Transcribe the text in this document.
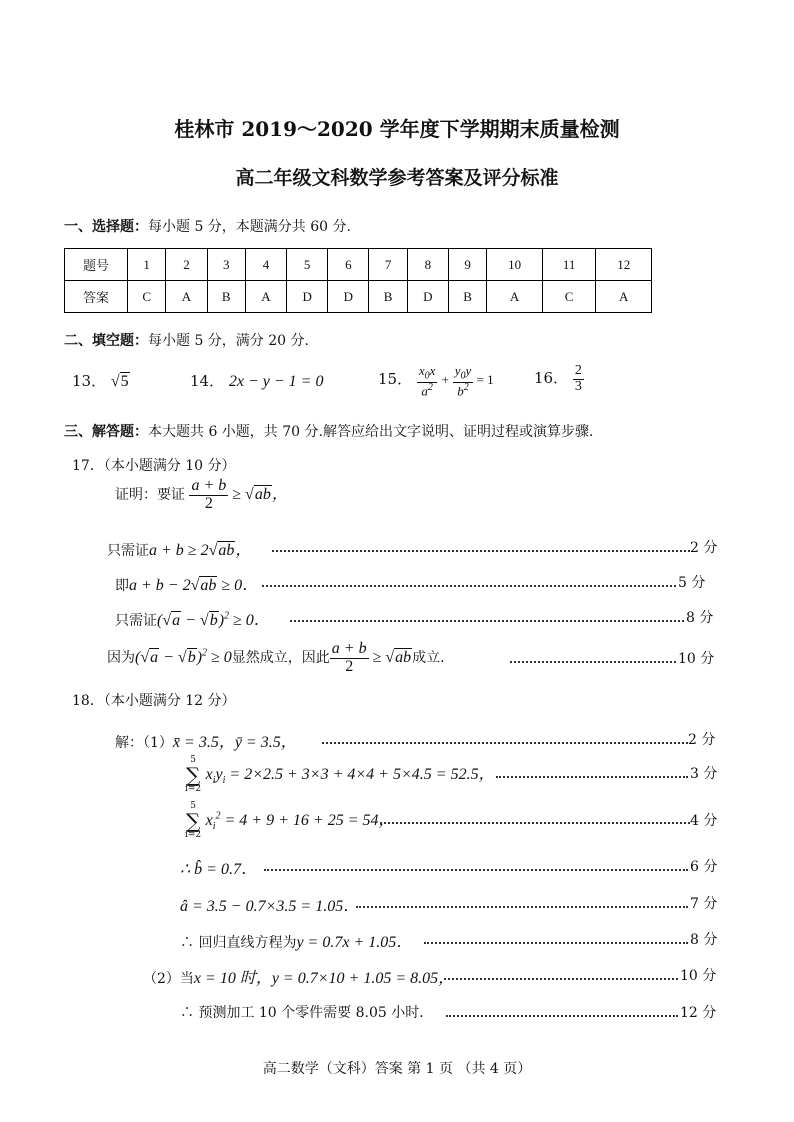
桂林市 2019～2020 学年度下学期期末质量检测
高二年级文科数学参考答案及评分标准
一、选择题：每小题 5 分，本题满分共 60 分.
题号	1	2	3	4	5	6	7	8	9	10	11	12
答案	C	A	B	A	D	D	B	D	B	A	C	A
二、填空题：每小题 5 分，满分 20 分.
13． √5	14． 2x − y − 1 = 0	15． $\frac{x_0x}{a^2} + \frac{y_0y}{b^2} = 1$	16． $\frac{2}{3}$
三、解答题：本大题共 6 小题，共 70 分.解答应给出文字说明、证明过程或演算步骤.
17．（本小题满分 10 分）
证明：要证 $\frac{a + b}{2} \ge √ab$，
只需证a + b ≥ 2√ab，	2 分
即a + b − 2√ab ≥ 0．	5 分
只需证$(√a - √b)^2 \ge 0$．	8 分
因为$(√a - √b)^2 \ge 0$显然成立，因此 $\frac{a + b}{2} \ge √ab$成立.	10 分
18．（本小题满分 12 分）
解：（1）x̄ = 3.5，ȳ = 3.5，	2 分
5
∑
i=2
$x_iy_i = 2\times 2.5 + 3\times 3 + 4\times 4 + 5\times 4.5 = 52.5$，	3 分
5
∑
i=2
$x_i^2 = 4 + 9 + 16 + 25 = 54$，	4 分
∴ b̂ = 0.7．	6 分
â = 3.5 − 0.7×3.5 = 1.05．	7 分
∴ 回归直线方程为y = 0.7x + 1.05．	8 分
（2）当x = 10 时，y = 0.7×10 + 1.05 = 8.05，	10 分
∴ 预测加工 10 个零件需要 8.05 小时．	12 分
高二数学（文科）答案 第 1 页 （共 4 页）
